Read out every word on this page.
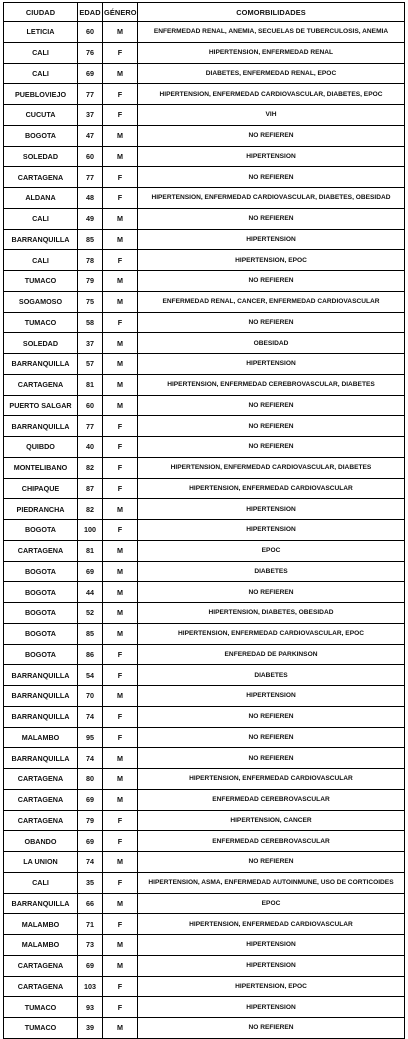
CIUDAD	EDAD	GÉNERO	COMORBILIDADES
LETICIA	60	M	ENFERMEDAD RENAL, ANEMIA, SECUELAS DE TUBERCULOSIS, ANEMIA
CALI	76	F	HIPERTENSION, ENFERMEDAD RENAL
CALI	69	M	DIABETES, ENFERMEDAD RENAL, EPOC
PUEBLOVIEJO	77	F	HIPERTENSION, ENFERMEDAD CARDIOVASCULAR, DIABETES, EPOC
CUCUTA	37	F	VIH
BOGOTA	47	M	NO REFIEREN
SOLEDAD	60	M	HIPERTENSION
CARTAGENA	77	F	NO REFIEREN
ALDANA	48	F	HIPERTENSION, ENFERMEDAD CARDIOVASCULAR, DIABETES, OBESIDAD
CALI	49	M	NO REFIEREN
BARRANQUILLA	85	M	HIPERTENSION
CALI	78	F	HIPERTENSION, EPOC
TUMACO	79	M	NO REFIEREN
SOGAMOSO	75	M	ENFERMEDAD RENAL, CANCER, ENFERMEDAD CARDIOVASCULAR
TUMACO	58	F	NO REFIEREN
SOLEDAD	37	M	OBESIDAD
BARRANQUILLA	57	M	HIPERTENSION
CARTAGENA	81	M	HIPERTENSION, ENFERMEDAD CEREBROVASCULAR, DIABETES
PUERTO SALGAR	60	M	NO REFIEREN
BARRANQUILLA	77	F	NO REFIEREN
QUIBDO	40	F	NO REFIEREN
MONTELIBANO	82	F	HIPERTENSION, ENFERMEDAD CARDIOVASCULAR, DIABETES
CHIPAQUE	87	F	HIPERTENSION, ENFERMEDAD CARDIOVASCULAR
PIEDRANCHA	82	M	HIPERTENSION
BOGOTA	100	F	HIPERTENSION
CARTAGENA	81	M	EPOC
BOGOTA	69	M	DIABETES
BOGOTA	44	M	NO REFIEREN
BOGOTA	52	M	HIPERTENSION, DIABETES, OBESIDAD
BOGOTA	85	M	HIPERTENSION, ENFERMEDAD CARDIOVASCULAR, EPOC
BOGOTA	86	F	ENFEREDAD DE PARKINSON
BARRANQUILLA	54	F	DIABETES
BARRANQUILLA	70	M	HIPERTENSION
BARRANQUILLA	74	F	NO REFIEREN
MALAMBO	95	F	NO REFIEREN
BARRANQUILLA	74	M	NO REFIEREN
CARTAGENA	80	M	HIPERTENSION, ENFERMEDAD CARDIOVASCULAR
CARTAGENA	69	M	ENFERMEDAD CEREBROVASCULAR
CARTAGENA	79	F	HIPERTENSION, CANCER
OBANDO	69	F	ENFERMEDAD CEREBROVASCULAR
LA UNION	74	M	NO REFIEREN
CALI	35	F	HIPERTENSION, ASMA, ENFERMEDAD AUTOINMUNE, USO DE CORTICOIDES
BARRANQUILLA	66	M	EPOC
MALAMBO	71	F	HIPERTENSION, ENFERMEDAD CARDIOVASCULAR
MALAMBO	73	M	HIPERTENSION
CARTAGENA	69	M	HIPERTENSION
CARTAGENA	103	F	HIPERTENSION, EPOC
TUMACO	93	F	HIPERTENSION
TUMACO	39	M	NO REFIEREN
